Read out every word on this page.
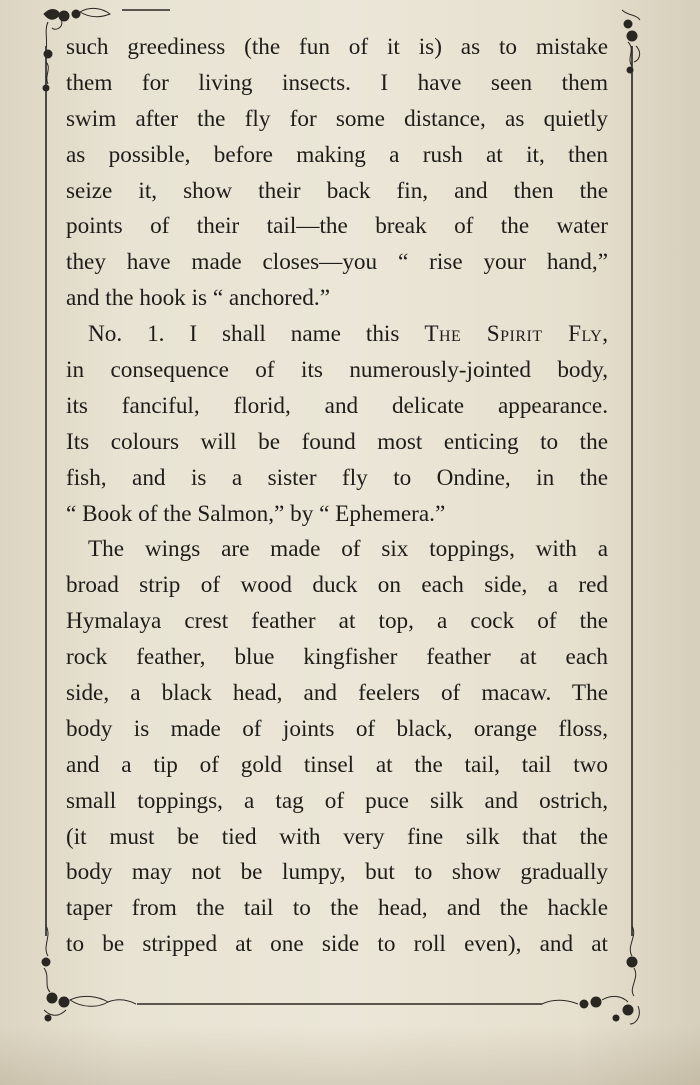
such greediness (the fun of it is) as to mistake
them for living insects. I have seen them
swim after the fly for some distance, as quietly
as possible, before making a rush at it, then
seize it, show their back fin, and then the
points of their tail—the break of the water
they have made closes—you “ rise your hand,”
and the hook is “ anchored.”

No. 1. I shall name this The Spirit Fly,
in consequence of its numerously-jointed body,
its fanciful, florid, and delicate appearance.
Its colours will be found most enticing to the
fish, and is a sister fly to Ondine, in the
“ Book of the Salmon,” by “ Ephemera.”

The wings are made of six toppings, with a
broad strip of wood duck on each side, a red
Hymalaya crest feather at top, a cock of the
rock feather, blue kingfisher feather at each
side, a black head, and feelers of macaw. The
body is made of joints of black, orange floss,
and a tip of gold tinsel at the tail, tail two
small toppings, a tag of puce silk and ostrich,
(it must be tied with very fine silk that the
body may not be lumpy, but to show gradually
taper from the tail to the head, and the hackle
to be stripped at one side to roll even), and at
